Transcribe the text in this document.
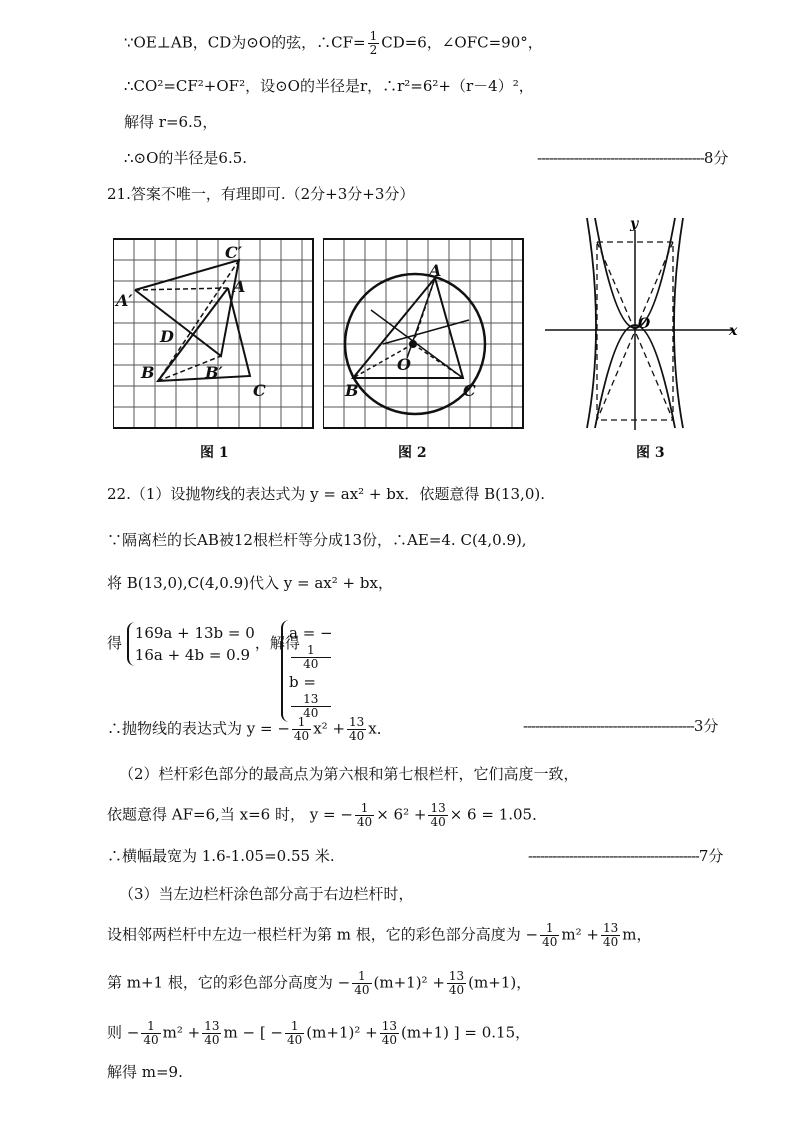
∵OE⊥AB，CD为⊙O的弦，∴CF= $\frac{1}{2} CD=6$，∠OFC=90°，
∴CO²=CF²+OF²，设⊙O的半径是r，∴r²=6²+（r－4）²，
解得 r=6.5，
∴⊙O的半径是6.5.	-----------------------------------------8分
21.答案不唯一，有理即可.（2分+3分+3分）
C′
A
A′
D
B	B′
C
图 1
A
O
B	C
图 2
x
y
O
图 3
22.（1）设抛物线的表达式为 y = ax² + bx．依题意得 B(13,0).
∵隔离栏的长AB被12根栏杆等分成13份，∴AE=4. C(4,0.9),
将 B(13,0),C(4,0.9)代入 y = ax² + bx，
得
169a + 13b = 0
16a + 4b = 0.9
，解得
a = −
1
40
b =
13
40
∴抛物线的表达式为 y = − $\frac{1}{40} x^2 + \frac{13}{40}$ x．	------------------------------------------3分
（2）栏杆彩色部分的最高点为第六根和第七根栏杆，它们高度一致，
依题意得 AF=6,当 x=6 时， y = − $\frac{1}{40} \times 6^2 + \frac{13}{40} \times 6 = 1.05$．
∴横幅最宽为 1.6-1.05=0.55 米.	------------------------------------------7分
（3）当左边栏杆涂色部分高于右边栏杆时，
设相邻两栏杆中左边一根栏杆为第 m 根，它的彩色部分高度为 − $\frac{1}{40} m^2 + \frac{13}{40}$ m，
第 m+1 根，它的彩色部分高度为 − $\frac{1}{40} (m+1)^2 + \frac{13}{40} (m+1)$，
则 − $\frac{1}{40} m^2 + \frac{13}{40}$ m − [ − $\frac{1}{40} (m+1)^2 + \frac{13}{40} (m+1)$ ] = 0.15，
解得 m=9.
